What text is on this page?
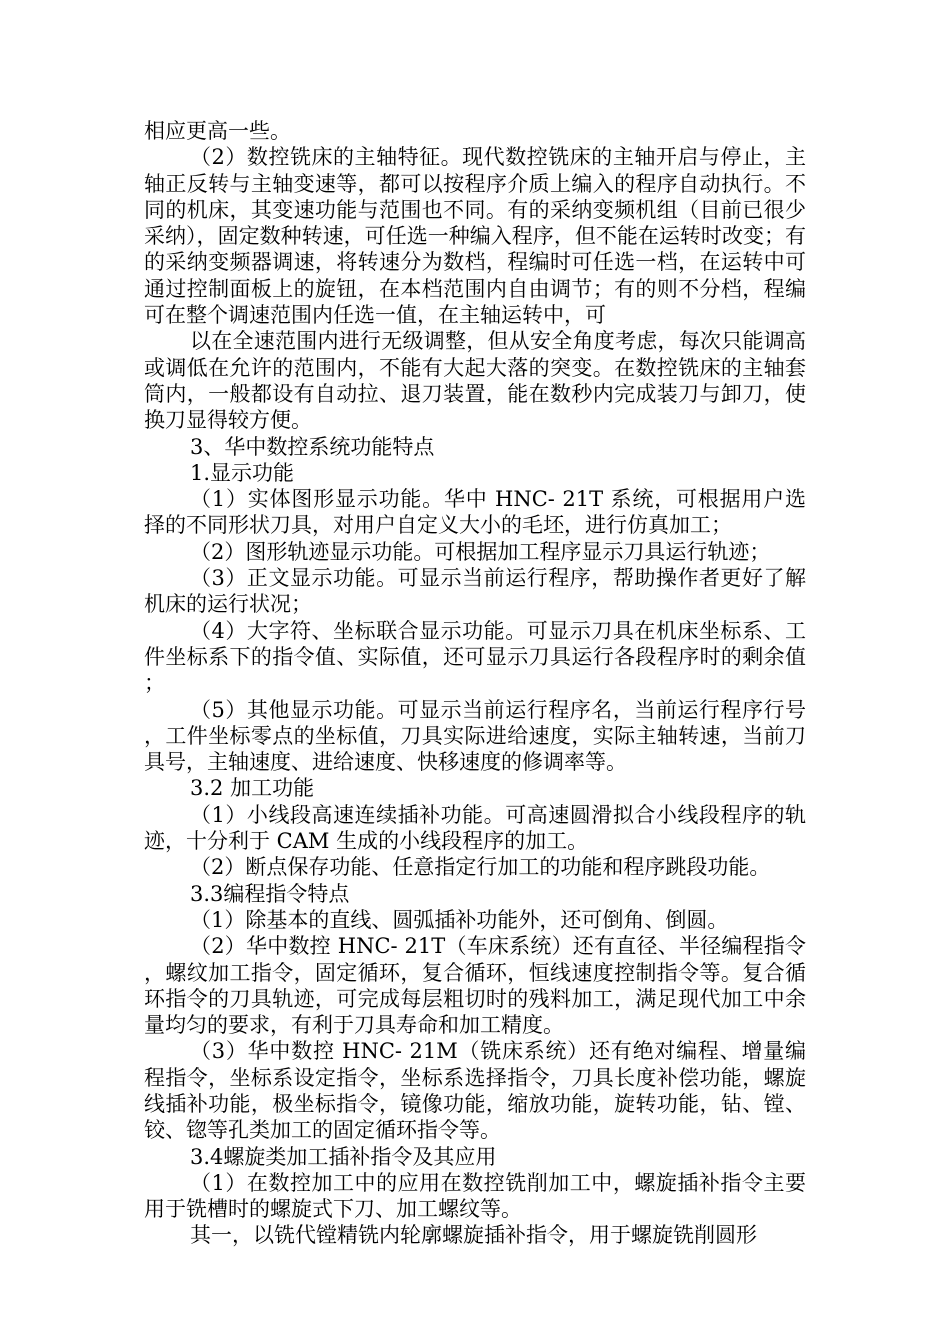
相应更高一些。

（2）数控铣床的主轴特征。现代数控铣床的主轴开启与停止，主轴正反转与主轴变速等，都可以按程序介质上编入的程序自动执行。不同的机床，其变速功能与范围也不同。有的采纳变频机组（目前已很少采纳），固定数种转速，可任选一种编入程序，但不能在运转时改变；有的采纳变频器调速，将转速分为数档，程编时可任选一档，在运转中可通过控制面板上的旋钮，在本档范围内自由调节；有的则不分档，程编可在整个调速范围内任选一值，在主轴运转中，可

以在全速范围内进行无级调整，但从安全角度考虑，每次只能调高或调低在允许的范围内，不能有大起大落的突变。在数控铣床的主轴套筒内，一般都设有自动拉、退刀装置，能在数秒内完成装刀与卸刀，使换刀显得较方便。

3、华中数控系统功能特点

1.显示功能

（1）实体图形显示功能。华中 HNC- 21T 系统，可根据用户选择的不同形状刀具，对用户自定义大小的毛坯，进行仿真加工；

（2）图形轨迹显示功能。可根据加工程序显示刀具运行轨迹；

（3）正文显示功能。可显示当前运行程序，帮助操作者更好了解机床的运行状况；

（4）大字符、坐标联合显示功能。可显示刀具在机床坐标系、工件坐标系下的指令值、实际值，还可显示刀具运行各段程序时的剩余值；

（5）其他显示功能。可显示当前运行程序名，当前运行程序行号，工件坐标零点的坐标值，刀具实际进给速度，实际主轴转速，当前刀具号，主轴速度、进给速度、快移速度的修调率等。

3.2 加工功能

（1）小线段高速连续插补功能。可高速圆滑拟合小线段程序的轨迹，十分利于 CAM 生成的小线段程序的加工。

（2）断点保存功能、任意指定行加工的功能和程序跳段功能。

3.3编程指令特点

（1）除基本的直线、圆弧插补功能外，还可倒角、倒圆。

（2）华中数控 HNC- 21T（车床系统）还有直径、半径编程指令，螺纹加工指令，固定循环，复合循环，恒线速度控制指令等。复合循环指令的刀具轨迹，可完成每层粗切时的残料加工，满足现代加工中余量均匀的要求，有利于刀具寿命和加工精度。

（3）华中数控 HNC- 21M（铣床系统）还有绝对编程、增量编程指令，坐标系设定指令，坐标系选择指令，刀具长度补偿功能，螺旋线插补功能，极坐标指令，镜像功能，缩放功能，旋转功能，钻、镗、铰、锪等孔类加工的固定循环指令等。

3.4螺旋类加工插补指令及其应用

（1）在数控加工中的应用在数控铣削加工中，螺旋插补指令主要用于铣槽时的螺旋式下刀、加工螺纹等。

其一，以铣代镗精铣内轮廓螺旋插补指令，用于螺旋铣削圆形
